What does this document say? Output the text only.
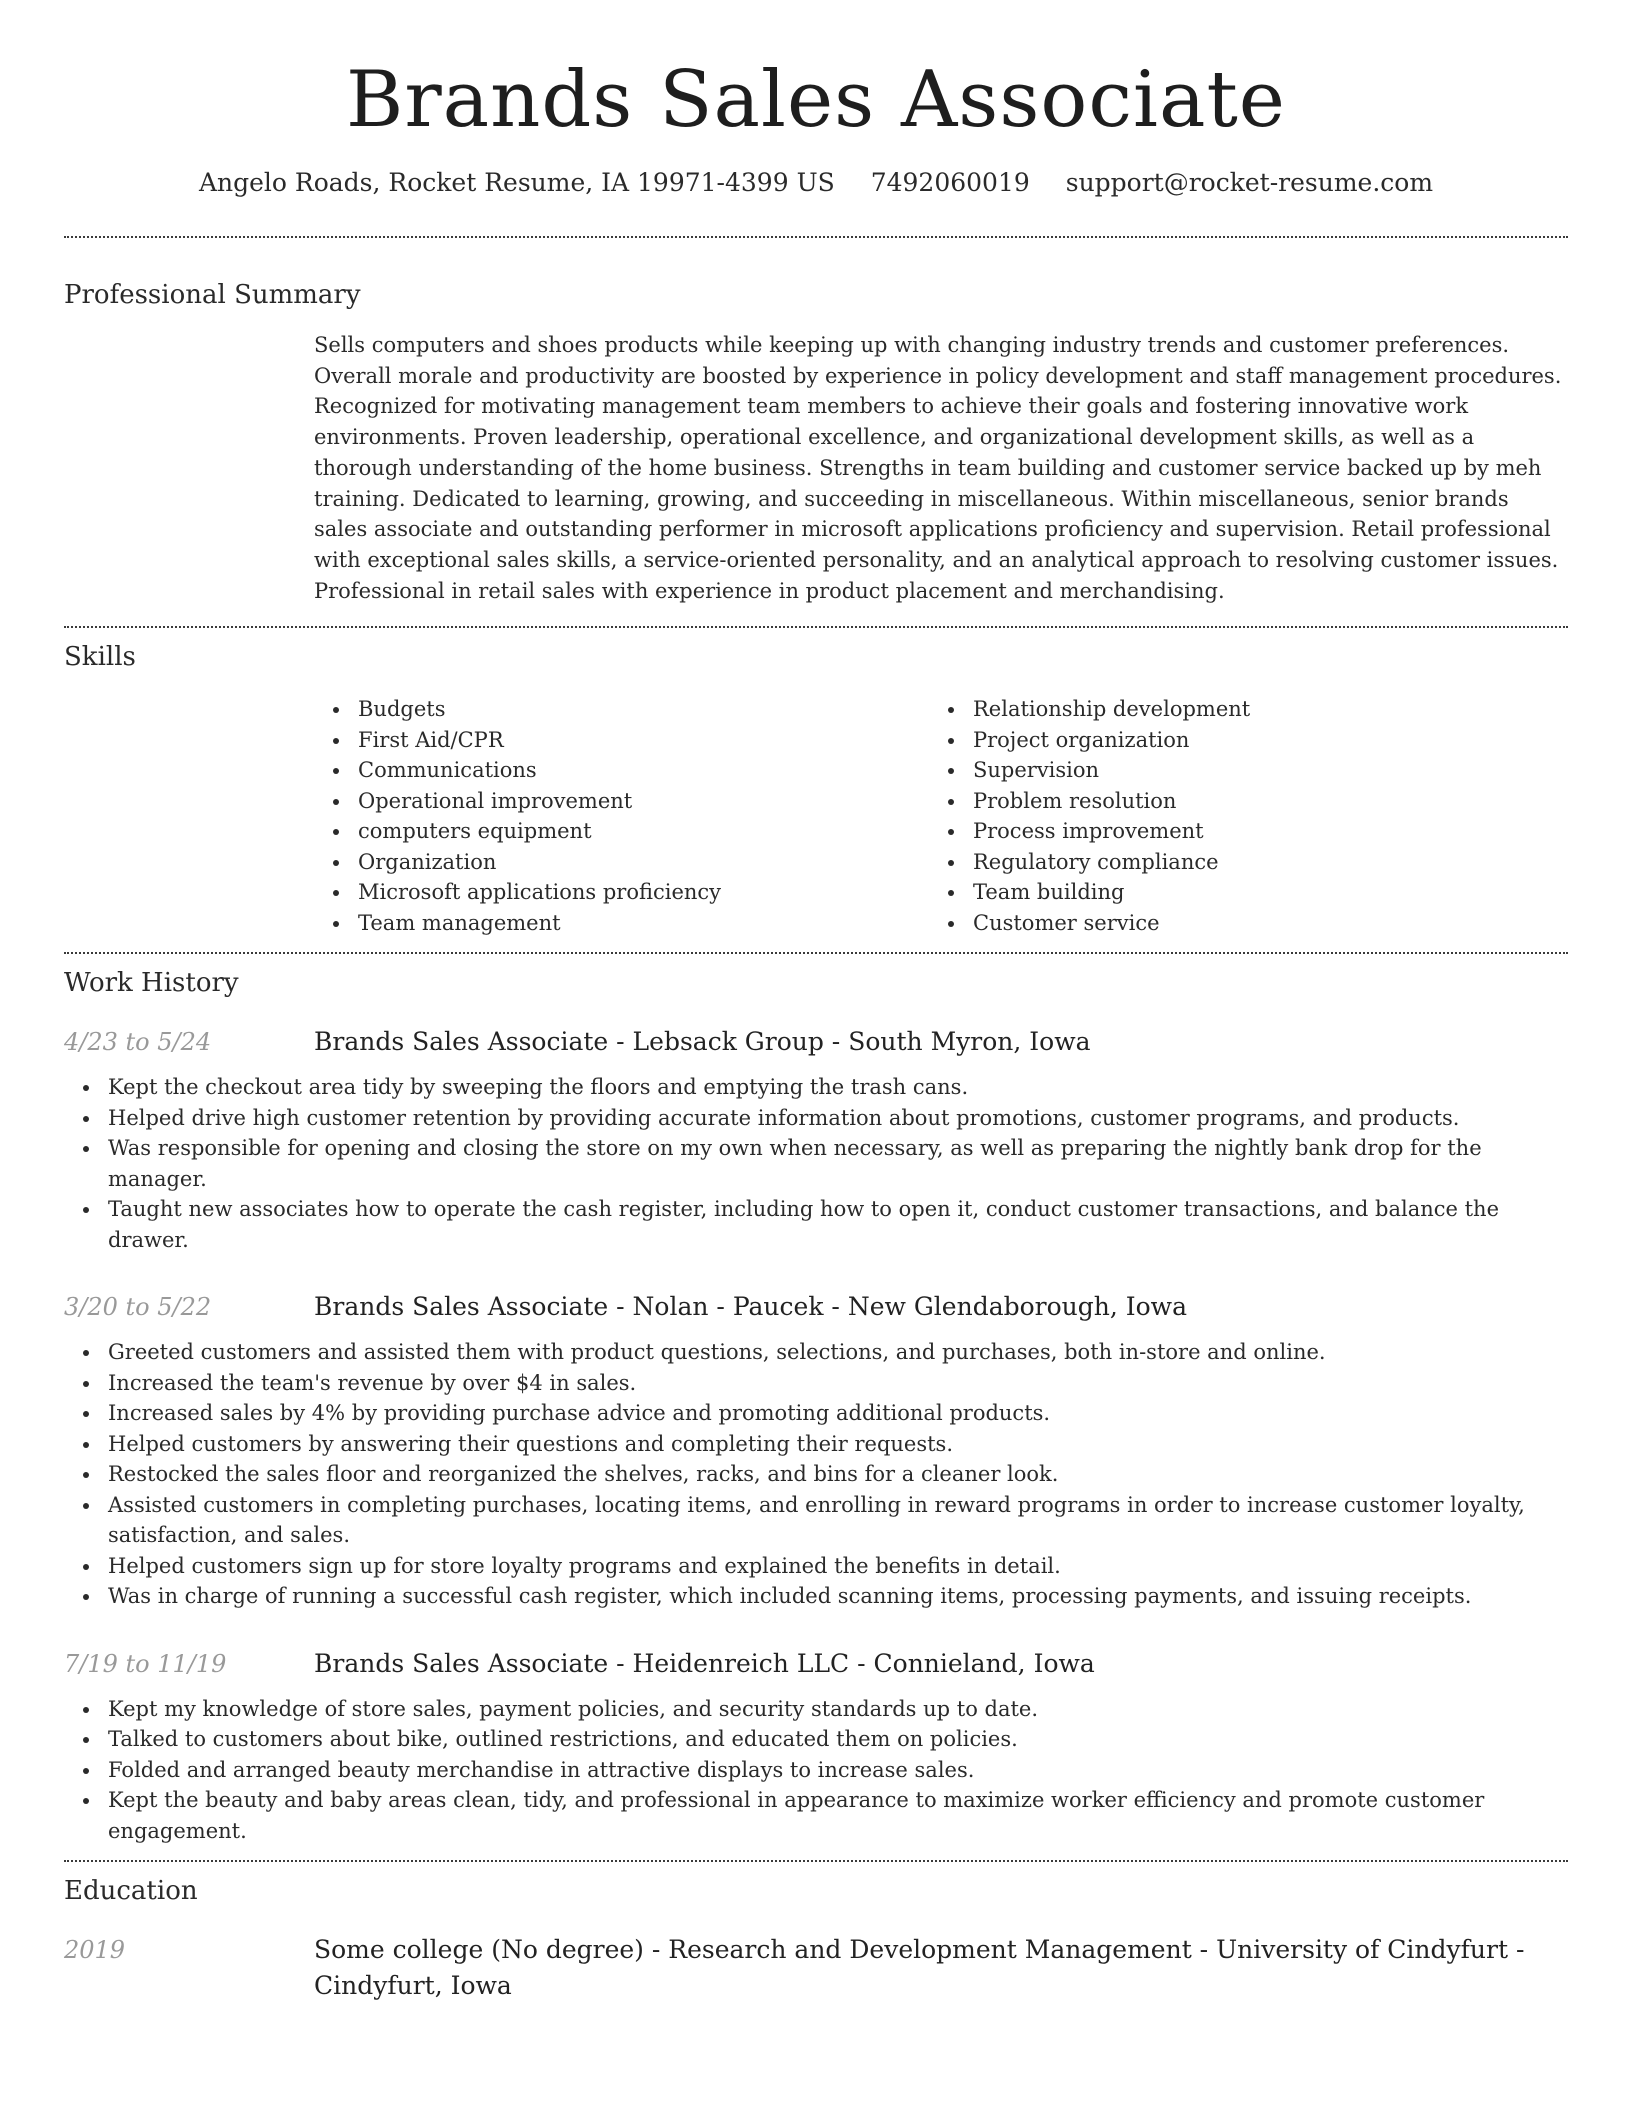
Brands Sales Associate
Angelo Roads, Rocket Resume, IA 19971-4399 US 7492060019 support@rocket-resume.com
Professional Summary
Sells computers and shoes products while keeping up with changing industry trends and customer preferences. Overall morale and productivity are boosted by experience in policy development and staff management procedures. Recognized for motivating management team members to achieve their goals and fostering innovative work environments. Proven leadership, operational excellence, and organizational development skills, as well as a thorough understanding of the home business. Strengths in team building and customer service backed up by meh training. Dedicated to learning, growing, and succeeding in miscellaneous. Within miscellaneous, senior brands sales associate and outstanding performer in microsoft applications proficiency and supervision. Retail professional with exceptional sales skills, a service-oriented personality, and an analytical approach to resolving customer issues. Professional in retail sales with experience in product placement and merchandising.
Skills
Budgets
First Aid/CPR
Communications
Operational improvement
computers equipment
Organization
Microsoft applications proficiency
Team management
Relationship development
Project organization
Supervision
Problem resolution
Process improvement
Regulatory compliance
Team building
Customer service
Work History
4/23 to 5/24	Brands Sales Associate - Lebsack Group - South Myron, Iowa
Kept the checkout area tidy by sweeping the floors and emptying the trash cans.
Helped drive high customer retention by providing accurate information about promotions, customer programs, and products.
Was responsible for opening and closing the store on my own when necessary, as well as preparing the nightly bank drop for the manager.
Taught new associates how to operate the cash register, including how to open it, conduct customer transactions, and balance the drawer.
3/20 to 5/22	Brands Sales Associate - Nolan - Paucek - New Glendaborough, Iowa
Greeted customers and assisted them with product questions, selections, and purchases, both in-store and online.
Increased the team's revenue by over $4 in sales.
Increased sales by 4% by providing purchase advice and promoting additional products.
Helped customers by answering their questions and completing their requests.
Restocked the sales floor and reorganized the shelves, racks, and bins for a cleaner look.
Assisted customers in completing purchases, locating items, and enrolling in reward programs in order to increase customer loyalty, satisfaction, and sales.
Helped customers sign up for store loyalty programs and explained the benefits in detail.
Was in charge of running a successful cash register, which included scanning items, processing payments, and issuing receipts.
7/19 to 11/19	Brands Sales Associate - Heidenreich LLC - Connieland, Iowa
Kept my knowledge of store sales, payment policies, and security standards up to date.
Talked to customers about bike, outlined restrictions, and educated them on policies.
Folded and arranged beauty merchandise in attractive displays to increase sales.
Kept the beauty and baby areas clean, tidy, and professional in appearance to maximize worker efficiency and promote customer engagement.
Education
2019	Some college (No degree) - Research and Development Management - University of Cindyfurt - Cindyfurt, Iowa
